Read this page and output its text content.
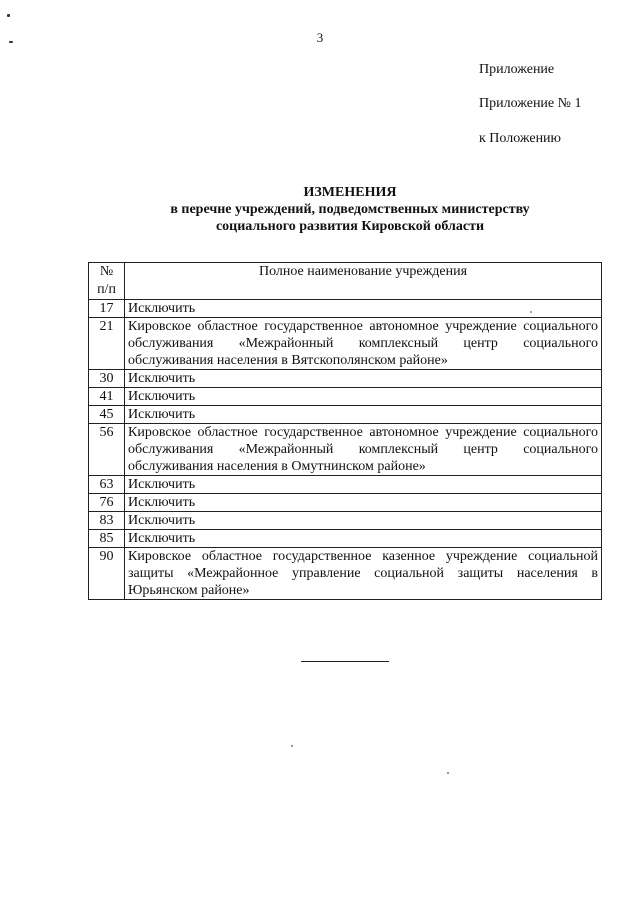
3
Приложение
Приложение № 1
к Положению
ИЗМЕНЕНИЯ
в перечне учреждений, подведомственных министерству
социального развития Кировской области
№
п/п	Полное наименование учреждения
17	Исключить
21	Кировское областное государственное автономное учреждение социального обслуживания «Межрайонный комплексный центр социального обслуживания населения в Вятскополянском районе»
30	Исключить
41	Исключить
45	Исключить
56	Кировское областное государственное автономное учреждение социального обслуживания «Межрайонный комплексный центр социального обслуживания населения в Омутнинском районе»
63	Исключить
76	Исключить
83	Исключить
85	Исключить
90	Кировское областное государственное казенное учреждение социальной защиты «Межрайонное управление социальной защиты населения в Юрьянском районе»
